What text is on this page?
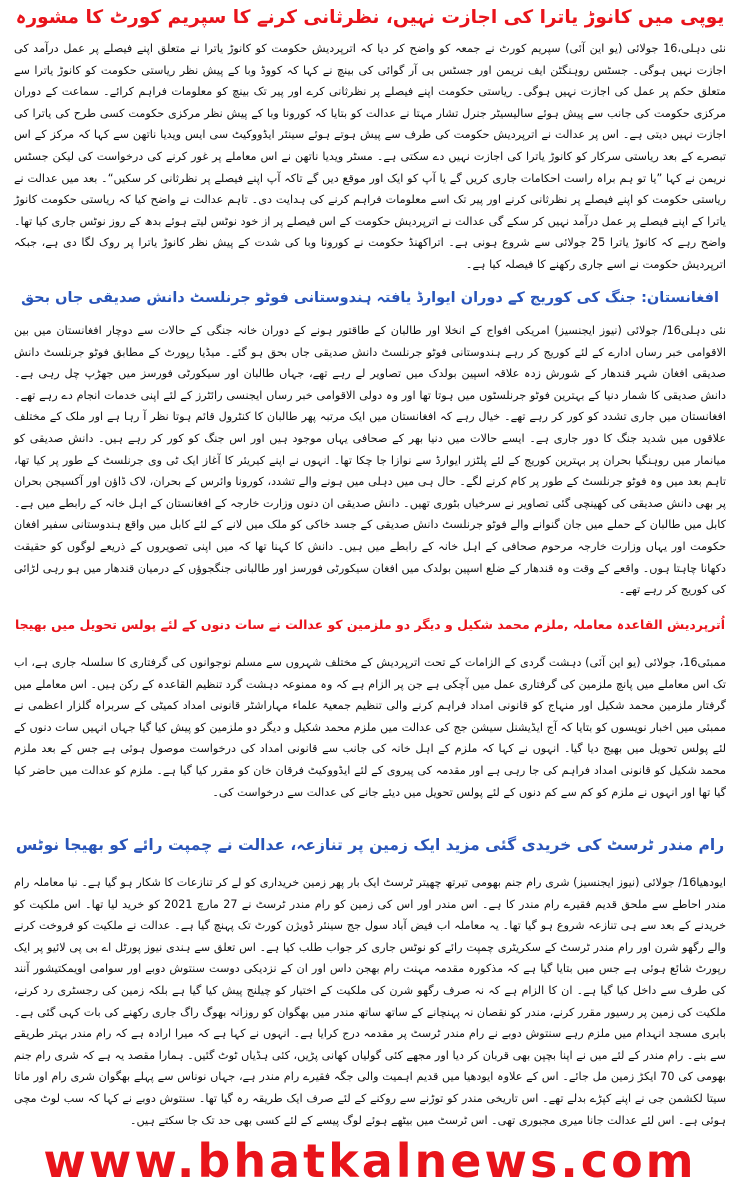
یوپی میں کانوڑ یاترا کی اجازت نہیں، نظرثانی کرنے کا سپریم کورٹ کا مشورہ

نئی دہلی،16 جولائی (یو این آئی) سپریم کورٹ نے جمعہ کو واضح کر دیا کہ اترپردیش حکومت کو کانوڑ یاترا نے متعلق اپنے فیصلے پر عمل درآمد کی اجازت نہیں ہوگی۔ جسٹس روہنگٹن ایف نریمن اور جسٹس بی آر گوائی کی بینچ نے کہا کہ کووڈ وبا کے پیش نظر ریاستی حکومت کو کانوڑ یاترا سے متعلق حکم پر عمل کی اجازت نہیں ہوگی۔ ریاستی حکومت اپنے فیصلے پر نظرثانی کرے اور پیر تک بینچ کو معلومات فراہم کرائے۔ سماعت کے دوران مرکزی حکومت کی جانب سے پیش ہوئے سالیسیٹر جنرل تشار مہتا نے عدالت کو بتایا کہ کورونا وبا کے پیش نظر مرکزی حکومت کسی طرح کی یاترا کی اجازت نہیں دیتی ہے۔ اس پر عدالت نے اترپردیش حکومت کی طرف سے پیش ہوتے ہوئے سینئر ایڈووکیٹ سی ایس ویدیا ناتھن سے کہا کہ مرکز کے اس تبصرے کے بعد ریاستی سرکار کو کانوڑ یاترا کی اجازت نہیں دے سکتی ہے۔ مسٹر ویدیا ناتھن نے اس معاملے پر غور کرنے کی درخواست کی لیکن جسٹس نریمن نے کہا ”یا تو ہم براہ راست احکامات جاری کریں گے یا آپ کو ایک اور موقع دیں گے تاکہ آپ اپنے فیصلے پر نظرثانی کر سکیں“۔ بعد میں عدالت نے ریاستی حکومت کو اپنے فیصلے پر نظرثانی کرنے اور پیر تک اسے معلومات فراہم کرنے کی ہدایت دی۔ تاہم عدالت نے واضح کیا کہ ریاستی حکومت کانوڑ یاترا کے اپنے فیصلے پر عمل درآمد نہیں کر سکے گی عدالت نے اترپردیش حکومت کے اس فیصلے پر از خود نوٹس لیتے ہوئے بدھ کے روز نوٹس جاری کیا تھا۔ واضح رہے کہ کانوڑ یاترا 25 جولائی سے شروع ہونی ہے۔ اتراکھنڈ حکومت نے کورونا وبا کی شدت کے پیش نظر کانوڑ یاترا پر روک لگا دی ہے، جبکہ اترپردیش حکومت نے اسے جاری رکھنے کا فیصلہ کیا ہے۔

افغانستان: جنگ کی کوریج کے دوران ایوارڈ یافتہ ہندوستانی فوٹو جرنلسٹ دانش صدیقی جاں بحق

نئی دہلی16/ جولائی (نیوز ایجنسیز) امریکی افواج کے انخلا اور طالبان کے طاقتور ہونے کے دوران خانہ جنگی کے حالات سے دوچار افغانستان میں بین الاقوامی خبر رساں ادارے کے لئے کوریج کر رہے ہندوستانی فوٹو جرنلسٹ دانش صدیقی جاں بحق ہو گئے۔ میڈیا رپورٹ کے مطابق فوٹو جرنلسٹ دانش صدیقی افغان شہر قندھار کے شورش زدہ علاقہ اسپین بولدک میں تصاویر لے رہے تھے، جہاں طالبان اور سیکورٹی فورسز میں جھڑپ چل رہی ہے۔ دانش صدیقی کا شمار دنیا کے بہترین فوٹو جرنلسٹوں میں ہوتا تھا اور وہ دولی الاقوامی خبر رساں ایجنسی رائٹرز کے لئے اپنی خدمات انجام دے رہے تھے۔ افغانستان میں جاری تشدد کو کور کر رہے تھے۔ خیال رہے کہ افغانستان میں ایک مرتبہ پھر طالبان کا کنٹرول قائم ہوتا نظر آ رہا ہے اور ملک کے مختلف علاقوں میں شدید جنگ کا دور جاری ہے۔ ایسے حالات میں دنیا بھر کے صحافی یہاں موجود ہیں اور اس جنگ کو کور کر رہے ہیں۔ دانش صدیقی کو میانمار میں روہنگیا بحران پر بہترین کوریج کے لئے پلٹزر ایوارڈ سے نوازا جا چکا تھا۔ انہوں نے اپنے کیریئر کا آغاز ایک ٹی وی جرنلسٹ کے طور پر کیا تھا، تاہم بعد میں وہ فوٹو جرنلسٹ کے طور پر کام کرنے لگے۔ حال ہی میں دہلی میں ہونے والے تشدد، کورونا وائرس کے بحران، لاک ڈاؤن اور آکسیجن بحران پر بھی دانش صدیقی کی کھینچی گئی تصاویر نے سرخیاں بٹوری تھیں۔ دانش صدیقی ان دنوں وزارت خارجہ کے افغانستان کے اہل خانہ کے رابطے میں ہے۔ کابل میں طالبان کے حملے میں جان گنوانے والے فوٹو جرنلسٹ دانش صدیقی کے جسد خاکی کو ملک میں لانے کے لئے کابل میں واقع ہندوستانی سفیر افغان حکومت اور یہاں وزارت خارجہ مرحوم صحافی کے اہل خانہ کے رابطے میں ہیں۔ دانش کا کہنا تھا کہ میں اپنی تصویروں کے ذریعے لوگوں کو حقیقت دکھانا چاہتا ہوں۔ واقعے کے وقت وہ قندھار کے ضلع اسپین بولدک میں افغان سیکورٹی فورسز اور طالبانی جنگجوؤں کے درمیان قندھار میں ہو رہی لڑائی کی کوریج کر رہے تھے۔

اُترپردیش القاعدہ معاملہ ,ملزم محمد شکیل و دیگر دو ملزمین کو عدالت نے سات دنوں کے لئے پولس تحویل میں بھیجا

ممبئی16، جولائی (یو این آئی) دہشت گردی کے الزامات کے تحت اترپردیش کے مختلف شہروں سے مسلم نوجوانوں کی گرفتاری کا سلسلہ جاری ہے، اب تک اس معاملے میں پانچ ملزمین کی گرفتاری عمل میں آچکی ہے جن پر الزام ہے کہ وہ ممنوعہ دہشت گرد تنظیم القاعدہ کے رکن ہیں۔ اس معاملے میں گرفتار ملزمین محمد شکیل اور منہاج کو قانونی امداد فراہم کرنے والی تنظیم جمعیۃ علماء مہاراشٹر قانونی امداد کمیٹی کے سربراہ گلزار اعظمی نے ممبئی میں اخبار نویسوں کو بتایا کہ آج ایڈیشنل سیشن جج کی عدالت میں ملزم محمد شکیل و دیگر دو ملزمین کو پیش کیا گیا جہاں انہیں سات دنوں کے لئے پولس تحویل میں بھیج دیا گیا۔ انہوں نے کہا کہ ملزم کے اہل خانہ کی جانب سے قانونی امداد کی درخواست موصول ہوئی ہے جس کے بعد ملزم محمد شکیل کو قانونی امداد فراہم کی جا رہی ہے اور مقدمہ کی پیروی کے لئے ایڈووکیٹ فرقان خان کو مقرر کیا گیا ہے۔ ملزم کو عدالت میں حاضر کیا گیا تھا اور انہوں نے ملزم کو کم سے کم دنوں کے لئے پولس تحویل میں دیئے جانے کی عدالت سے درخواست کی۔

رام مندر ٹرسٹ کی خریدی گئی مزید ایک زمین پر تنازعہ، عدالت نے چمپت رائے کو بھیجا نوٹس

ایودھیا16/ جولائی (نیوز ایجنسیز) شری رام جنم بھومی تیرتھ چھیتر ٹرسٹ ایک بار پھر زمین خریداری کو لے کر تنازعات کا شکار ہو گیا ہے۔ نیا معاملہ رام مندر احاطے سے ملحق قدیم فقیرے رام مندر کا ہے۔ اس مندر اور اس کی زمین کو رام مندر ٹرسٹ نے 27 مارچ 2021 کو خرید لیا تھا۔ اس ملکیت کو خریدنے کے بعد سے ہی تنازعہ شروع ہو گیا تھا۔ یہ معاملہ اب فیض آباد سول جج سینئر ڈویژن کورٹ تک پہنچ گیا ہے۔ عدالت نے ملکیت کو فروخت کرنے والے رگھو شرن اور رام مندر ٹرسٹ کے سکریٹری چمپت رائے کو نوٹس جاری کر جواب طلب کیا ہے۔ اس تعلق سے ہندی نیوز پورٹل اے بی پی لائیو پر ایک رپورٹ شائع ہوئی ہے جس میں بتایا گیا ہے کہ مذکورہ مقدمہ مہنت رام بھجن داس اور ان کے نزدیکی دوست سنتوش دوبے اور سوامی اویمکتیشور آنند کی طرف سے داخل کیا گیا ہے۔ ان کا الزام ہے کہ نہ صرف رگھو شرن کی ملکیت کے اختیار کو چیلنج پیش کیا گیا ہے بلکہ زمین کی رجسٹری رد کرنے، ملکیت کی زمین پر رسیور مقرر کرنے، مندر کو نقصان نہ پہنچانے کے ساتھ ساتھ مندر میں بھگوان کو روزانہ بھوگ راگ جاری رکھنے کی بات کہی گئی ہے۔ بابری مسجد انہدام میں ملزم رہے سنتوش دوبے نے رام مندر ٹرسٹ پر مقدمہ درج کرایا ہے۔ انہوں نے کہا ہے کہ میرا ارادہ ہے کہ رام مندر بہتر طریقے سے بنے۔ رام مندر کے لئے میں نے اپنا بچپن بھی قربان کر دیا اور مجھے کئی گولیاں کھانی پڑیں، کئی ہڈیاں ٹوٹ گئیں۔ ہمارا مقصد یہ ہے کہ شری رام جنم بھومی کی 70 ایکڑ زمین مل جائے۔ اس کے علاوہ ایودھیا میں قدیم اہمیت والی جگہ فقیرے رام مندر ہے، جہاں نوناس سے پہلے بھگوان شری رام اور ماتا سیتا لکشمن جی نے اپنے کپڑے بدلے تھے۔ اس تاریخی مندر کو توڑنے سے روکنے کے لئے صرف ایک طریقہ رہ گیا تھا۔ سنتوش دوبے نے کہا کہ سب لوٹ مچی ہوئی ہے۔ اس لئے عدالت جانا میری مجبوری تھی۔ اس ٹرسٹ میں بیٹھے ہوئے لوگ پیسے کے لئے کسی بھی حد تک جا سکتے ہیں۔

www.bhatkalnews.com
